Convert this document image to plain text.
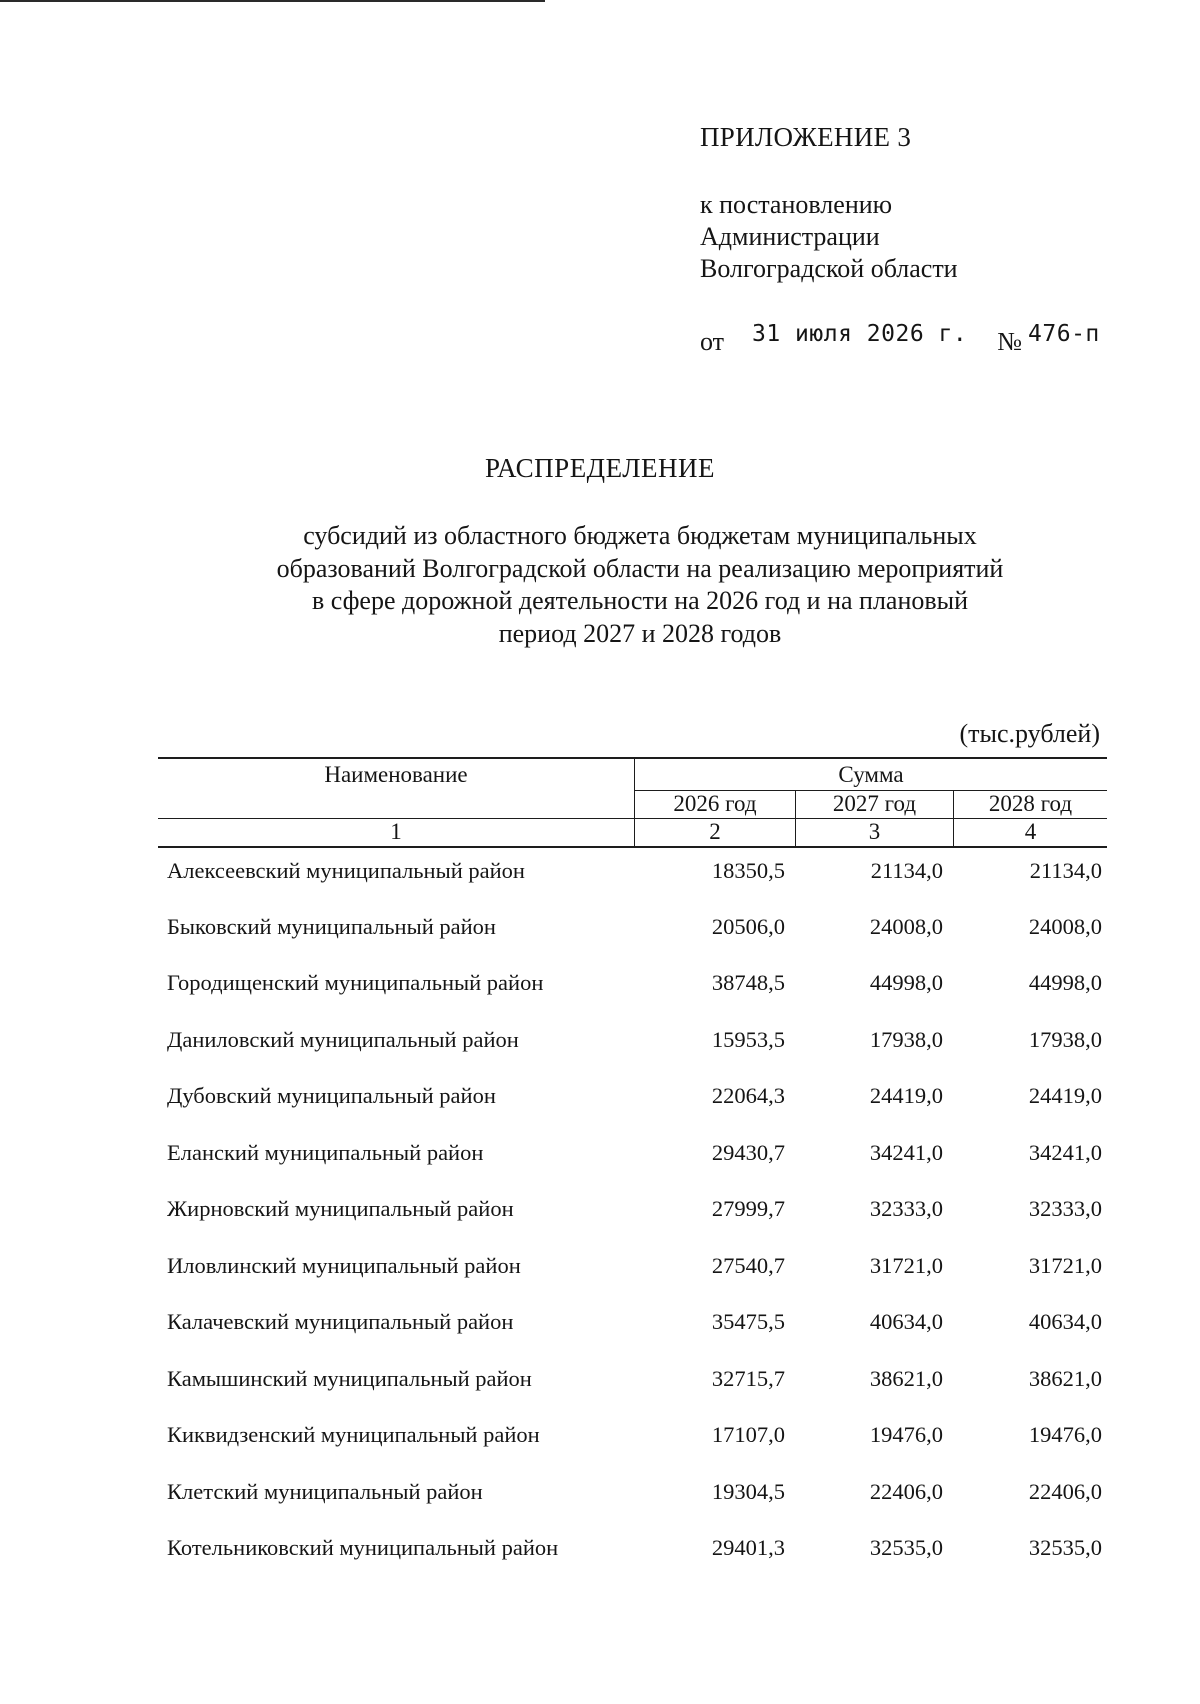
ПРИЛОЖЕНИЕ 3
к постановлению
Администрации
Волгоградской области
от 31 июля 2026 г. № 476-п
РАСПРЕДЕЛЕНИЕ
субсидий из областного бюджета бюджетам муниципальных
образований Волгоградской области на реализацию мероприятий
в сфере дорожной деятельности на 2026 год и на плановый
период 2027 и 2028 годов
(тыс.рублей)
Наименование	Сумма
2026 год	2027 год	2028 год
1	2	3	4
Алексеевский муниципальный район	18350,5	21134,0	21134,0
Быковский муниципальный район	20506,0	24008,0	24008,0
Городищенский муниципальный район	38748,5	44998,0	44998,0
Даниловский муниципальный район	15953,5	17938,0	17938,0
Дубовский муниципальный район	22064,3	24419,0	24419,0
Еланский муниципальный район	29430,7	34241,0	34241,0
Жирновский муниципальный район	27999,7	32333,0	32333,0
Иловлинский муниципальный район	27540,7	31721,0	31721,0
Калачевский муниципальный район	35475,5	40634,0	40634,0
Камышинский муниципальный район	32715,7	38621,0	38621,0
Киквидзенский муниципальный район	17107,0	19476,0	19476,0
Клетский муниципальный район	19304,5	22406,0	22406,0
Котельниковский муниципальный район	29401,3	32535,0	32535,0
